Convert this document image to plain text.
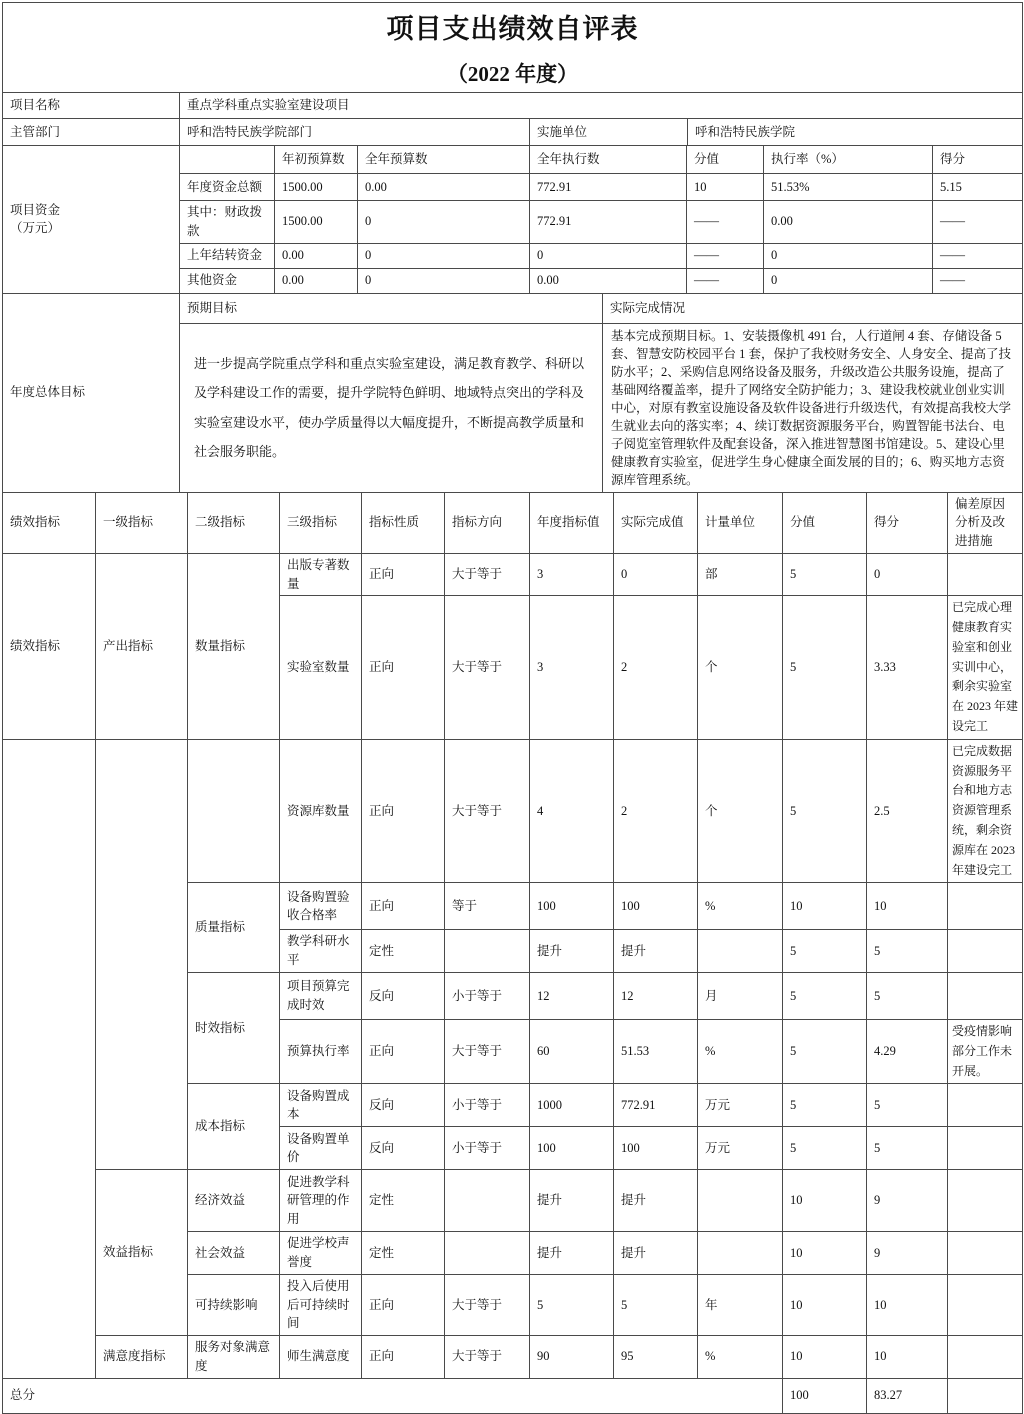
项目支出绩效自评表
（2022 年度）			

项目名称	重点学科重点实验室建设项目		
主管部门	呼和浩特民族学院部门	实施单位	呼和浩特民族学院
项目资金
（万元）		年初预算数	全年预算数	全年执行数	分值	执行率（%）	得分
	年度资金总额	1500.00	0.00	772.91	10	51.53%	5.15
	其中：财政拨款	1500.00	0	772.91	——	0.00	——
	上年结转资金	0.00	0	0	——	0	——
	其他资金	0.00	0	0.00	——	0	——
年度总体目标	预期目标	实际完成情况
	进一步提高学院重点学科和重点实验室建设，满足教育教学、科研以及学科建设工作的需要，提升学院特色鲜明、地域特点突出的学科及实验室建设水平，使办学质量得以大幅度提升，不断提高教学质量和社会服务职能。	基本完成预期目标。1、安装摄像机 491 台，人行道闸 4 套、存储设备 5 套、智慧安防校园平台 1 套，保护了我校财务安全、人身安全、提高了技防水平；2、采购信息网络设备及服务，升级改造公共服务设施，提高了基础网络覆盖率，提升了网络安全防护能力；3、建设我校就业创业实训中心，对原有教室设施设备及软件设备进行升级迭代，有效提高我校大学生就业去向的落实率；4、续订数据资源服务平台，购置智能书法台、电子阅览室管理软件及配套设备，深入推进智慧图书馆建设。5、建设心里健康教育实验室，促进学生身心健康全面发展的目的；6、购买地方志资源库管理系统。
绩效指标	一级指标	二级指标	三级指标	指标性质	指标方向	年度指标值	实际完成值	计量单位	分值	得分	偏差原因分析及改进措施
绩效指标	产出指标	数量指标	出版专著数量	正向	大于等于	3	0	部	5	0	
			实验室数量	正向	大于等于	3	2	个	5	3.33	已完成心理健康教育实验室和创业实训中心，剩余实验室在 2023 年建设完工
			资源库数量	正向	大于等于	4	2	个	5	2.5	已完成数据资源服务平台和地方志资源管理系统，剩余资源库在 2023 年建设完工
		质量指标	设备购置验收合格率	正向	等于	100	100	%	10	10	
			教学科研水平	定性		提升	提升		5	5	
		时效指标	项目预算完成时效	反向	小于等于	12	12	月	5	5	
			预算执行率	正向	大于等于	60	51.53	%	5	4.29	受疫情影响部分工作未开展。
		成本指标	设备购置成本	反向	小于等于	1000	772.91	万元	5	5	
			设备购置单价	反向	小于等于	100	100	万元	5	5	
	效益指标	经济效益	促进教学科研管理的作用	定性		提升	提升		10	9	
		社会效益	促进学校声誉度	定性		提升	提升		10	9	
		可持续影响	投入后使用后可持续时间	正向	大于等于	5	5	年	10	10	
	满意度指标	服务对象满意度	师生满意度	正向	大于等于	90	95	%	10	10	
总分									100	83.27	
